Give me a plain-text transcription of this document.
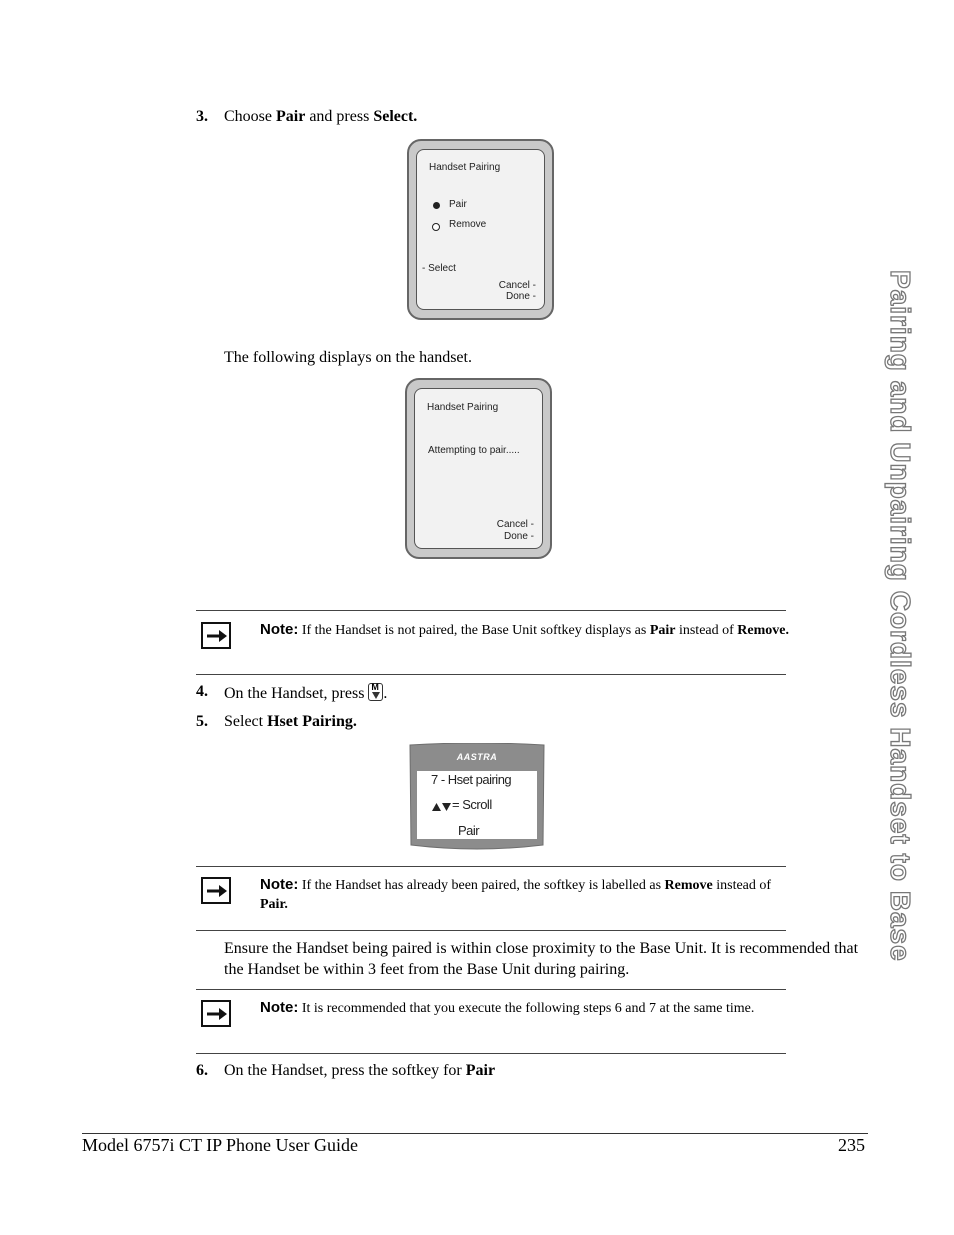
Pairing and Unpairing Cordless Handset to Base
3. Choose Pair and press Select.
Handset Pairing
Pair
Remove
- Select
Cancel -
Done -
The following displays on the handset.
Handset Pairing
Attempting to pair.....
Cancel -
Done -
Note: If the Handset is not paired, the Base Unit softkey displays as Pair instead of Remove.
4. On the Handset, press M .
5. Select Hset Pairing.
AASTRA
7 - Hset pairing
= Scroll
Pair
Note: If the Handset has already been paired, the softkey is labelled as Remove instead of Pair.
Ensure the Handset being paired is within close proximity to the Base Unit. It is recommended that the Handset be within 3 feet from the Base Unit during pairing.
Note: It is recommended that you execute the following steps 6 and 7 at the same time.
6. On the Handset, press the softkey for Pair
Model 6757i CT IP Phone User Guide	235
